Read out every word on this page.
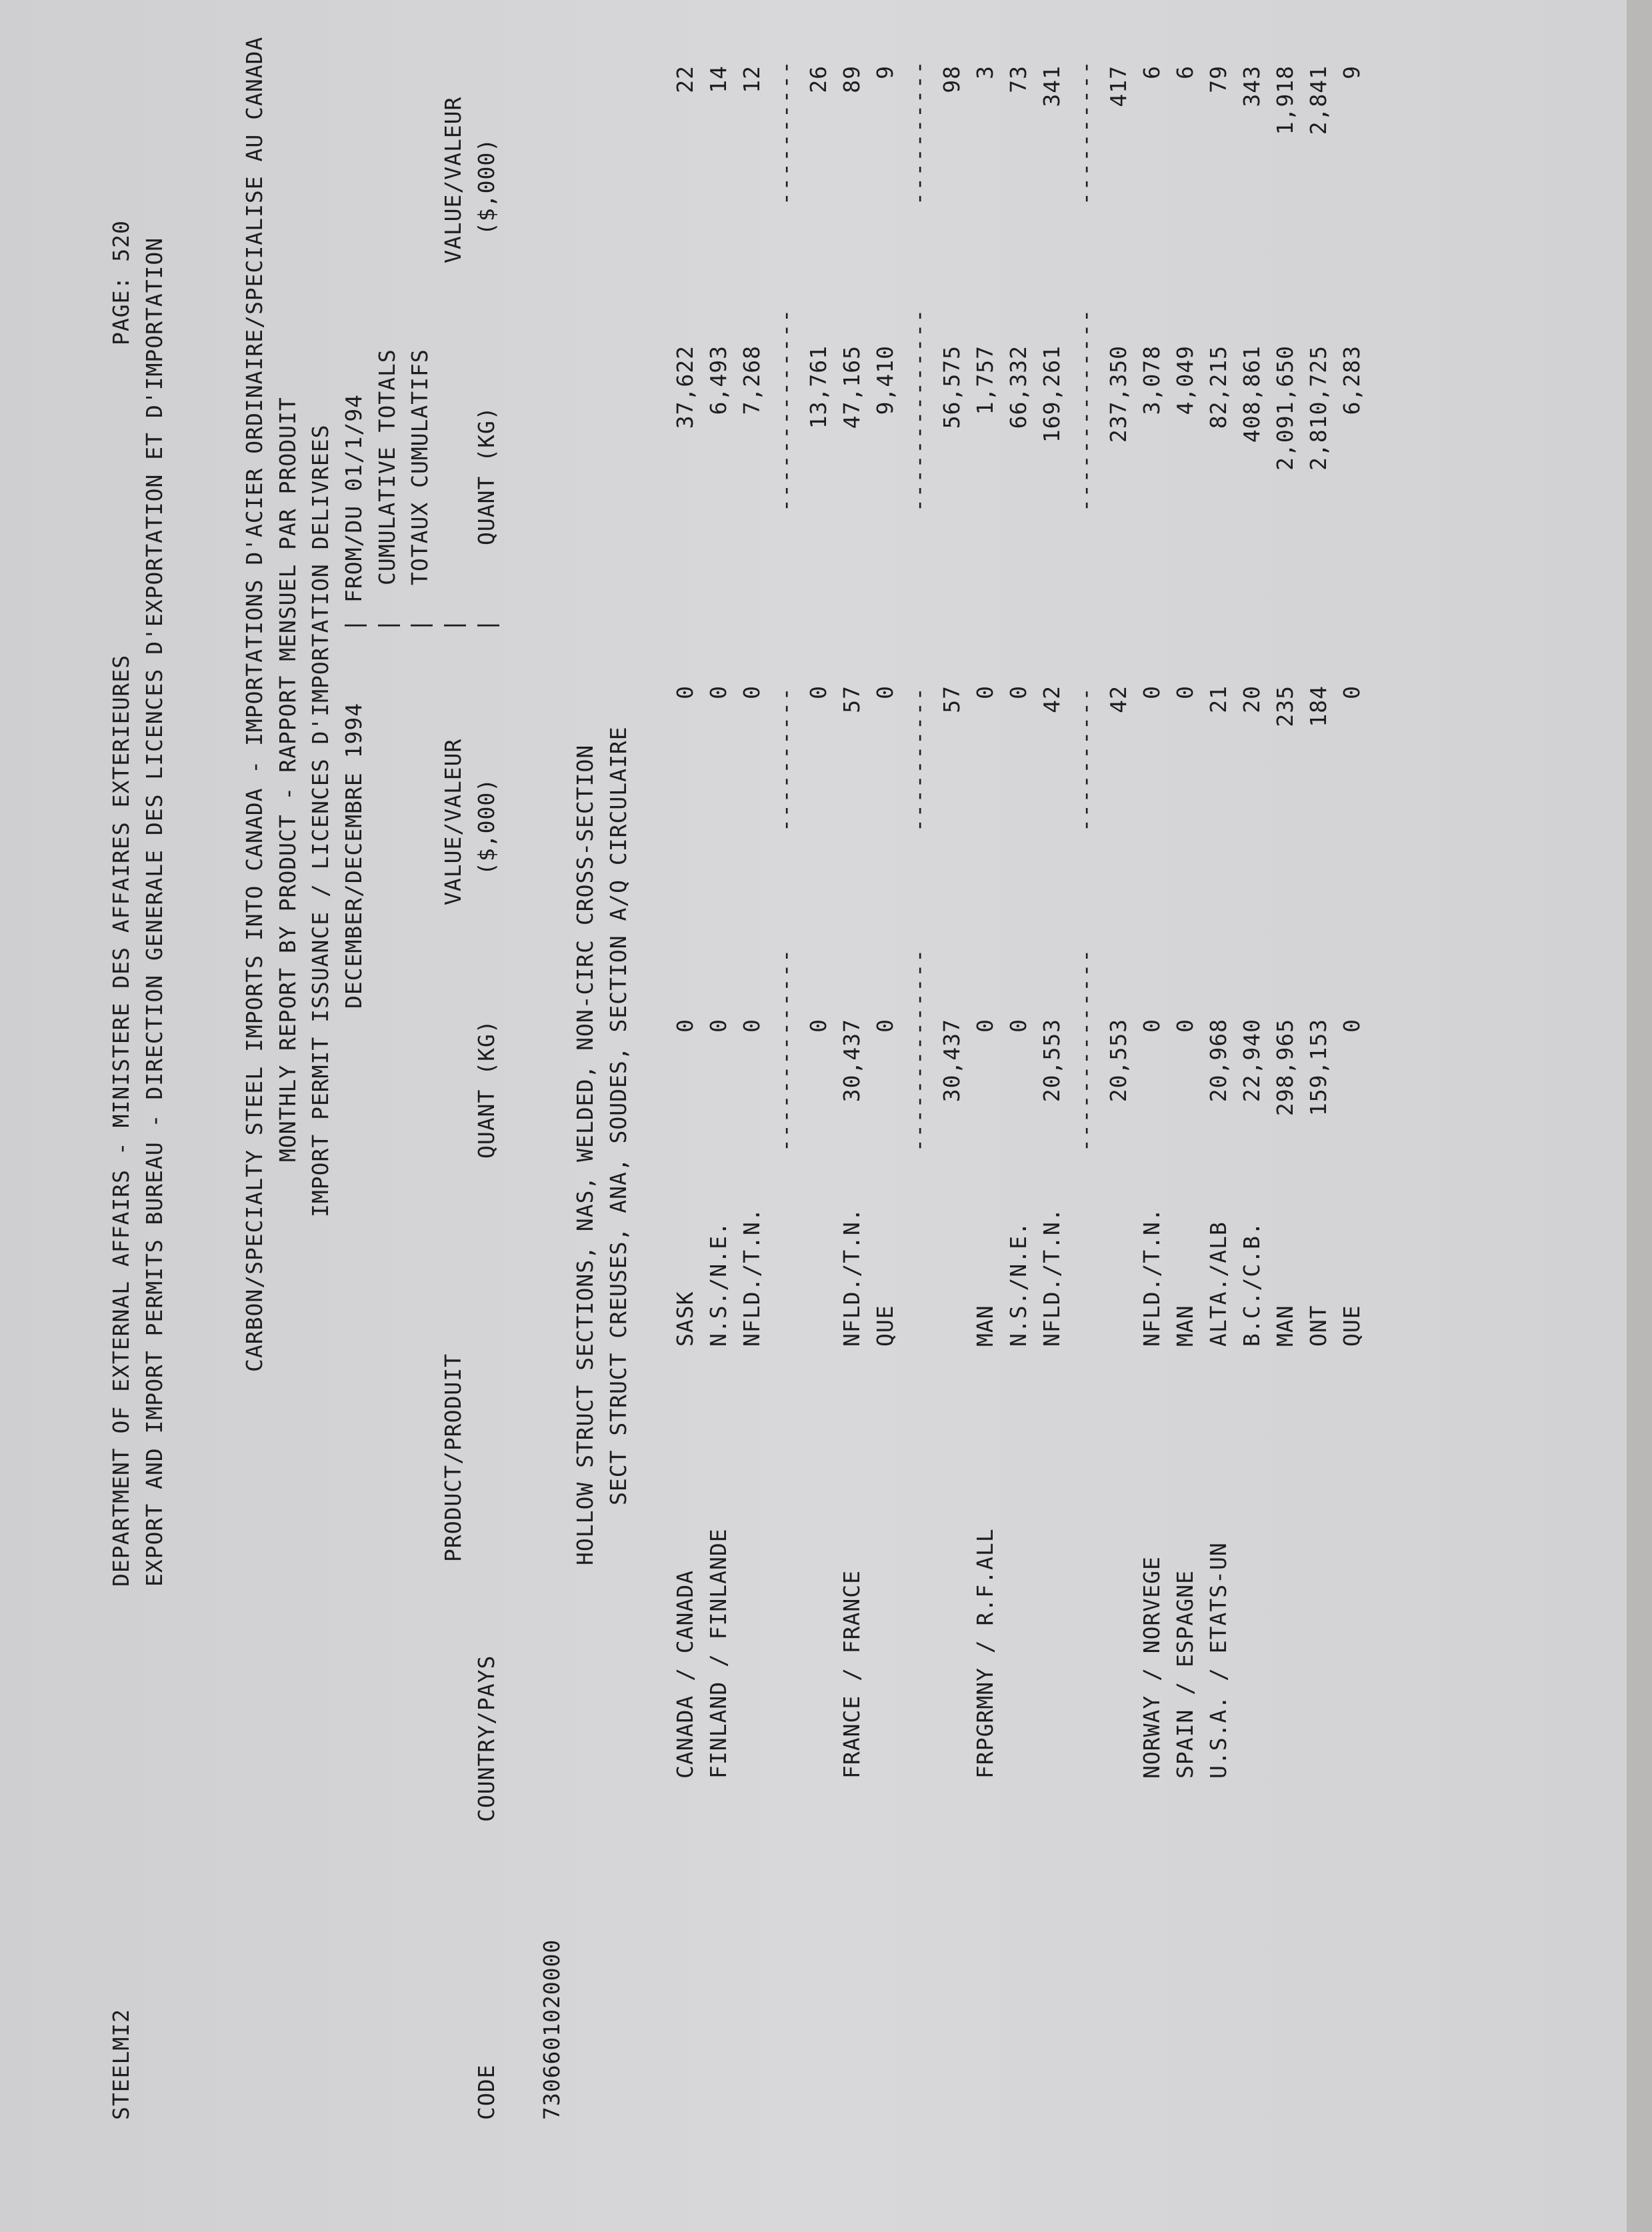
STEELMI2
DEPARTMENT OF EXTERNAL AFFAIRS - MINISTERE DES AFFAIRES EXTERIEURES
PAGE: 520 EXPORT AND IMPORT PERMITS BUREAU - DIRECTION GENERALE DES LICENCES D'EXPORTATION ET D'IMPORTATION	CARBON/SPECIALTY STEEL IMPORTS INTO CANADA - IMPORTATIONS D'ACIER ORDINAIRE/SPECIALISE AU CANADA MONTHLY REPORT BY PRODUCT - RAPPORT MENSUEL PAR PRODUIT IMPORT PERMIT ISSUANCE / LICENCES D'IMPORTATION DELIVREES DECEMBER/DECEMBRE 1994
FROM/DU 01/1/94 CUMULATIVE TOTALS TOTAUX CUMULATIFS
| | | | |
PRODUCT/PRODUIT
VALUE/VALEUR
VALUE/VALEUR
CODE
COUNTRY/PAYS
QUANT (KG)
($,000)
QUANT (KG)
($,000)
7306601020000
HOLLOW STRUCT SECTIONS, NAS, WELDED, NON-CIRC CROSS-SECTION SECT STRUCT CREUSES, ANA, SOUDES, SECTION A/Q CIRCULAIRE
CANADA / CANADA
SASK
0
0
37,622
22
FINLAND / FINLANDE
N.S./N.E.
0
0
6,493
14
NFLD./T.N.
0
0
7,268
12
--------------
----------
--------------
----------
0
0
13,761
26
FRANCE / FRANCE
NFLD./T.N.
30,437
57
47,165
89
QUE
0
0
9,410
9
--------------
----------
--------------
----------
30,437
57
56,575
98
FRPGRMNY / R.F.ALL
MAN
0
0
1,757
3
N.S./N.E.
0
0
66,332
73
NFLD./T.N.
20,553
42
169,261
341
--------------
----------
--------------
----------
20,553
42
237,350
417
NORWAY / NORVEGE
NFLD./T.N.
0
0
3,078
6
SPAIN / ESPAGNE
MAN
0
0
4,049
6
U.S.A. / ETATS-UN
ALTA./ALB
20,968
21
82,215
79
B.C./C.B.
22,940
20
408,861
343
MAN
298,965
235
2,091,650
1,918
ONT
159,153
184
2,810,725
2,841
QUE
0
0
6,283
9
